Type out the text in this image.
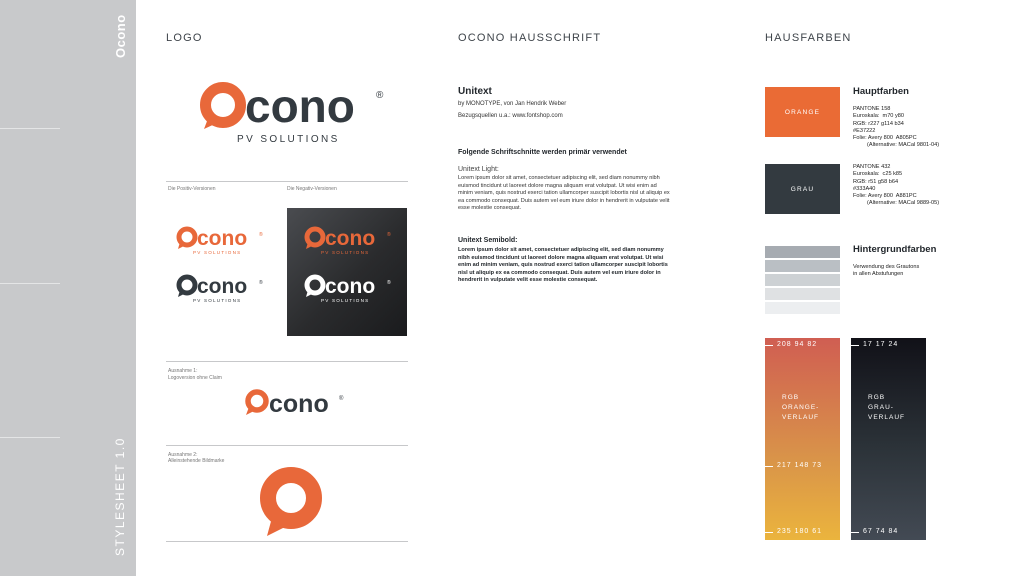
Ocono
STYLESHEET 1.0
LOGO	OCONO HAUSSCHRIFT	HAUSFARBEN
cono ®
PV SOLUTIONS
Die Positiv-Versionen	Die Negativ-Versionen
cono ®
PV SOLUTIONS
cono ®
PV SOLUTIONS
cono ®
PV SOLUTIONS
cono ®
PV SOLUTIONS
Ausnahme 1:
Logoversion ohne Claim
cono ®
Ausnahme 2:
Alleinstehende Bildmarke
Unitext
by MONOTYPE, von Jan Hendrik Weber
Bezugsquellen u.a.: www.fontshop.com
Folgende Schriftschnitte werden primär verwendet
Unitext Light:
Lorem ipsum dolor sit amet, consectetuer adipiscing elit, sed diam nonummy nibh euismod tincidunt ut laoreet dolore magna aliquam erat volutpat. Ut wisi enim ad minim veniam, quis nostrud exerci tation ullamcorper suscipit lobortis nisl ut aliquip ex ea commodo consequat. Duis autem vel eum iriure dolor in hendrerit in vulputate velit esse molestie consequat.
Unitext Semibold:
Lorem ipsum dolor sit amet, consectetuer adipiscing elit, sed diam nonummy nibh euismod tincidunt ut laoreet dolore magna aliquam erat volutpat. Ut wisi enim ad minim veniam, quis nostrud exerci tation ullamcorper suscipit lobortis nisl ut aliquip ex ea commodo consequat. Duis autem vel eum iriure dolor in hendrerit in vulputate velit esse molestie consequat.
ORANGE
Hauptfarben
PANTONE 158
Euroskala:  m70 y80
RGB: r227 g114 b34
#E37222
Folie: Avery 800  A805PC
(Alternative: MACal 9801-04)
GRAU
PANTONE 432
Euroskala:  c25 k85
RGB: r51 g58 b64
#333A40
Folie: Avery 800  A881PC
(Alternative: MACal 9889-05)
Hintergrundfarben
Verwendung des Grautons
in allen Abstufungen
208 94 82
RGB
ORANGE-
VERLAUF
217 148 73
235 180 61
17 17 24
RGB
GRAU-
VERLAUF
67 74 84
